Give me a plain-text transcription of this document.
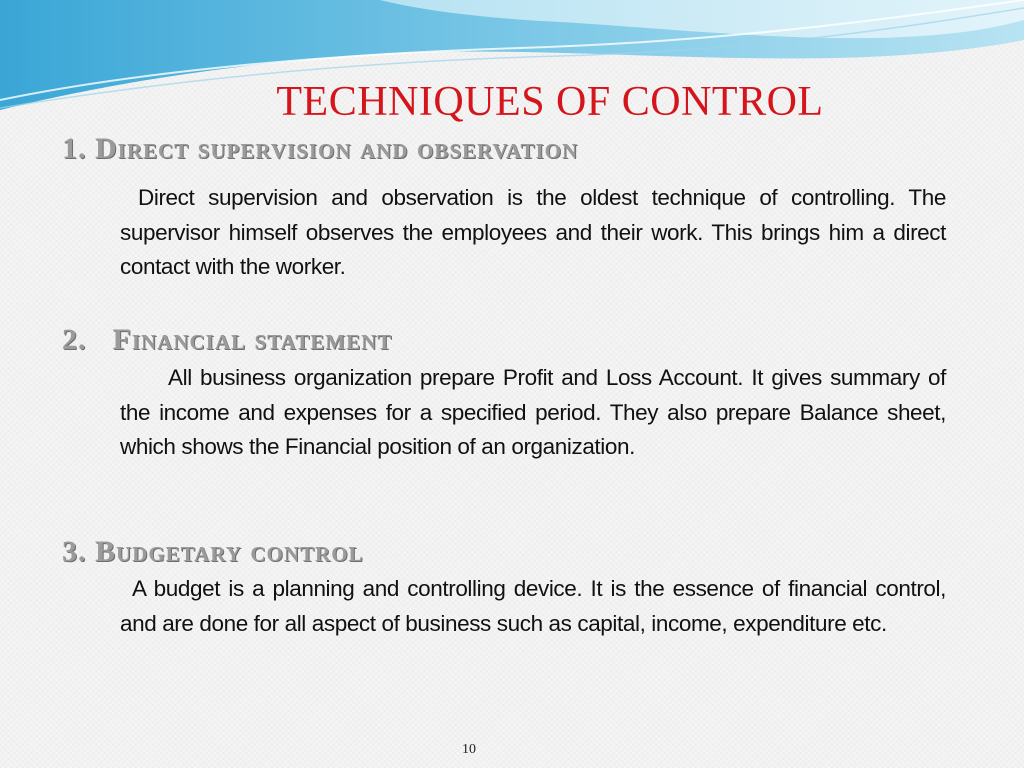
TECHNIQUES OF CONTROL
1. Direct supervision and observation

Direct supervision and observation is the oldest technique of controlling. The supervisor himself observes the employees and their work. This brings him a direct contact with the worker.

2. Financial statement

All business organization prepare Profit and Loss Account. It gives summary of the income and expenses for a specified period. They also prepare Balance sheet, which shows the Financial position of an organization.

3. Budgetary control

A budget is a planning and controlling device. It is the essence of financial control, and are done for all aspect of business such as capital, income, expenditure etc.

10
